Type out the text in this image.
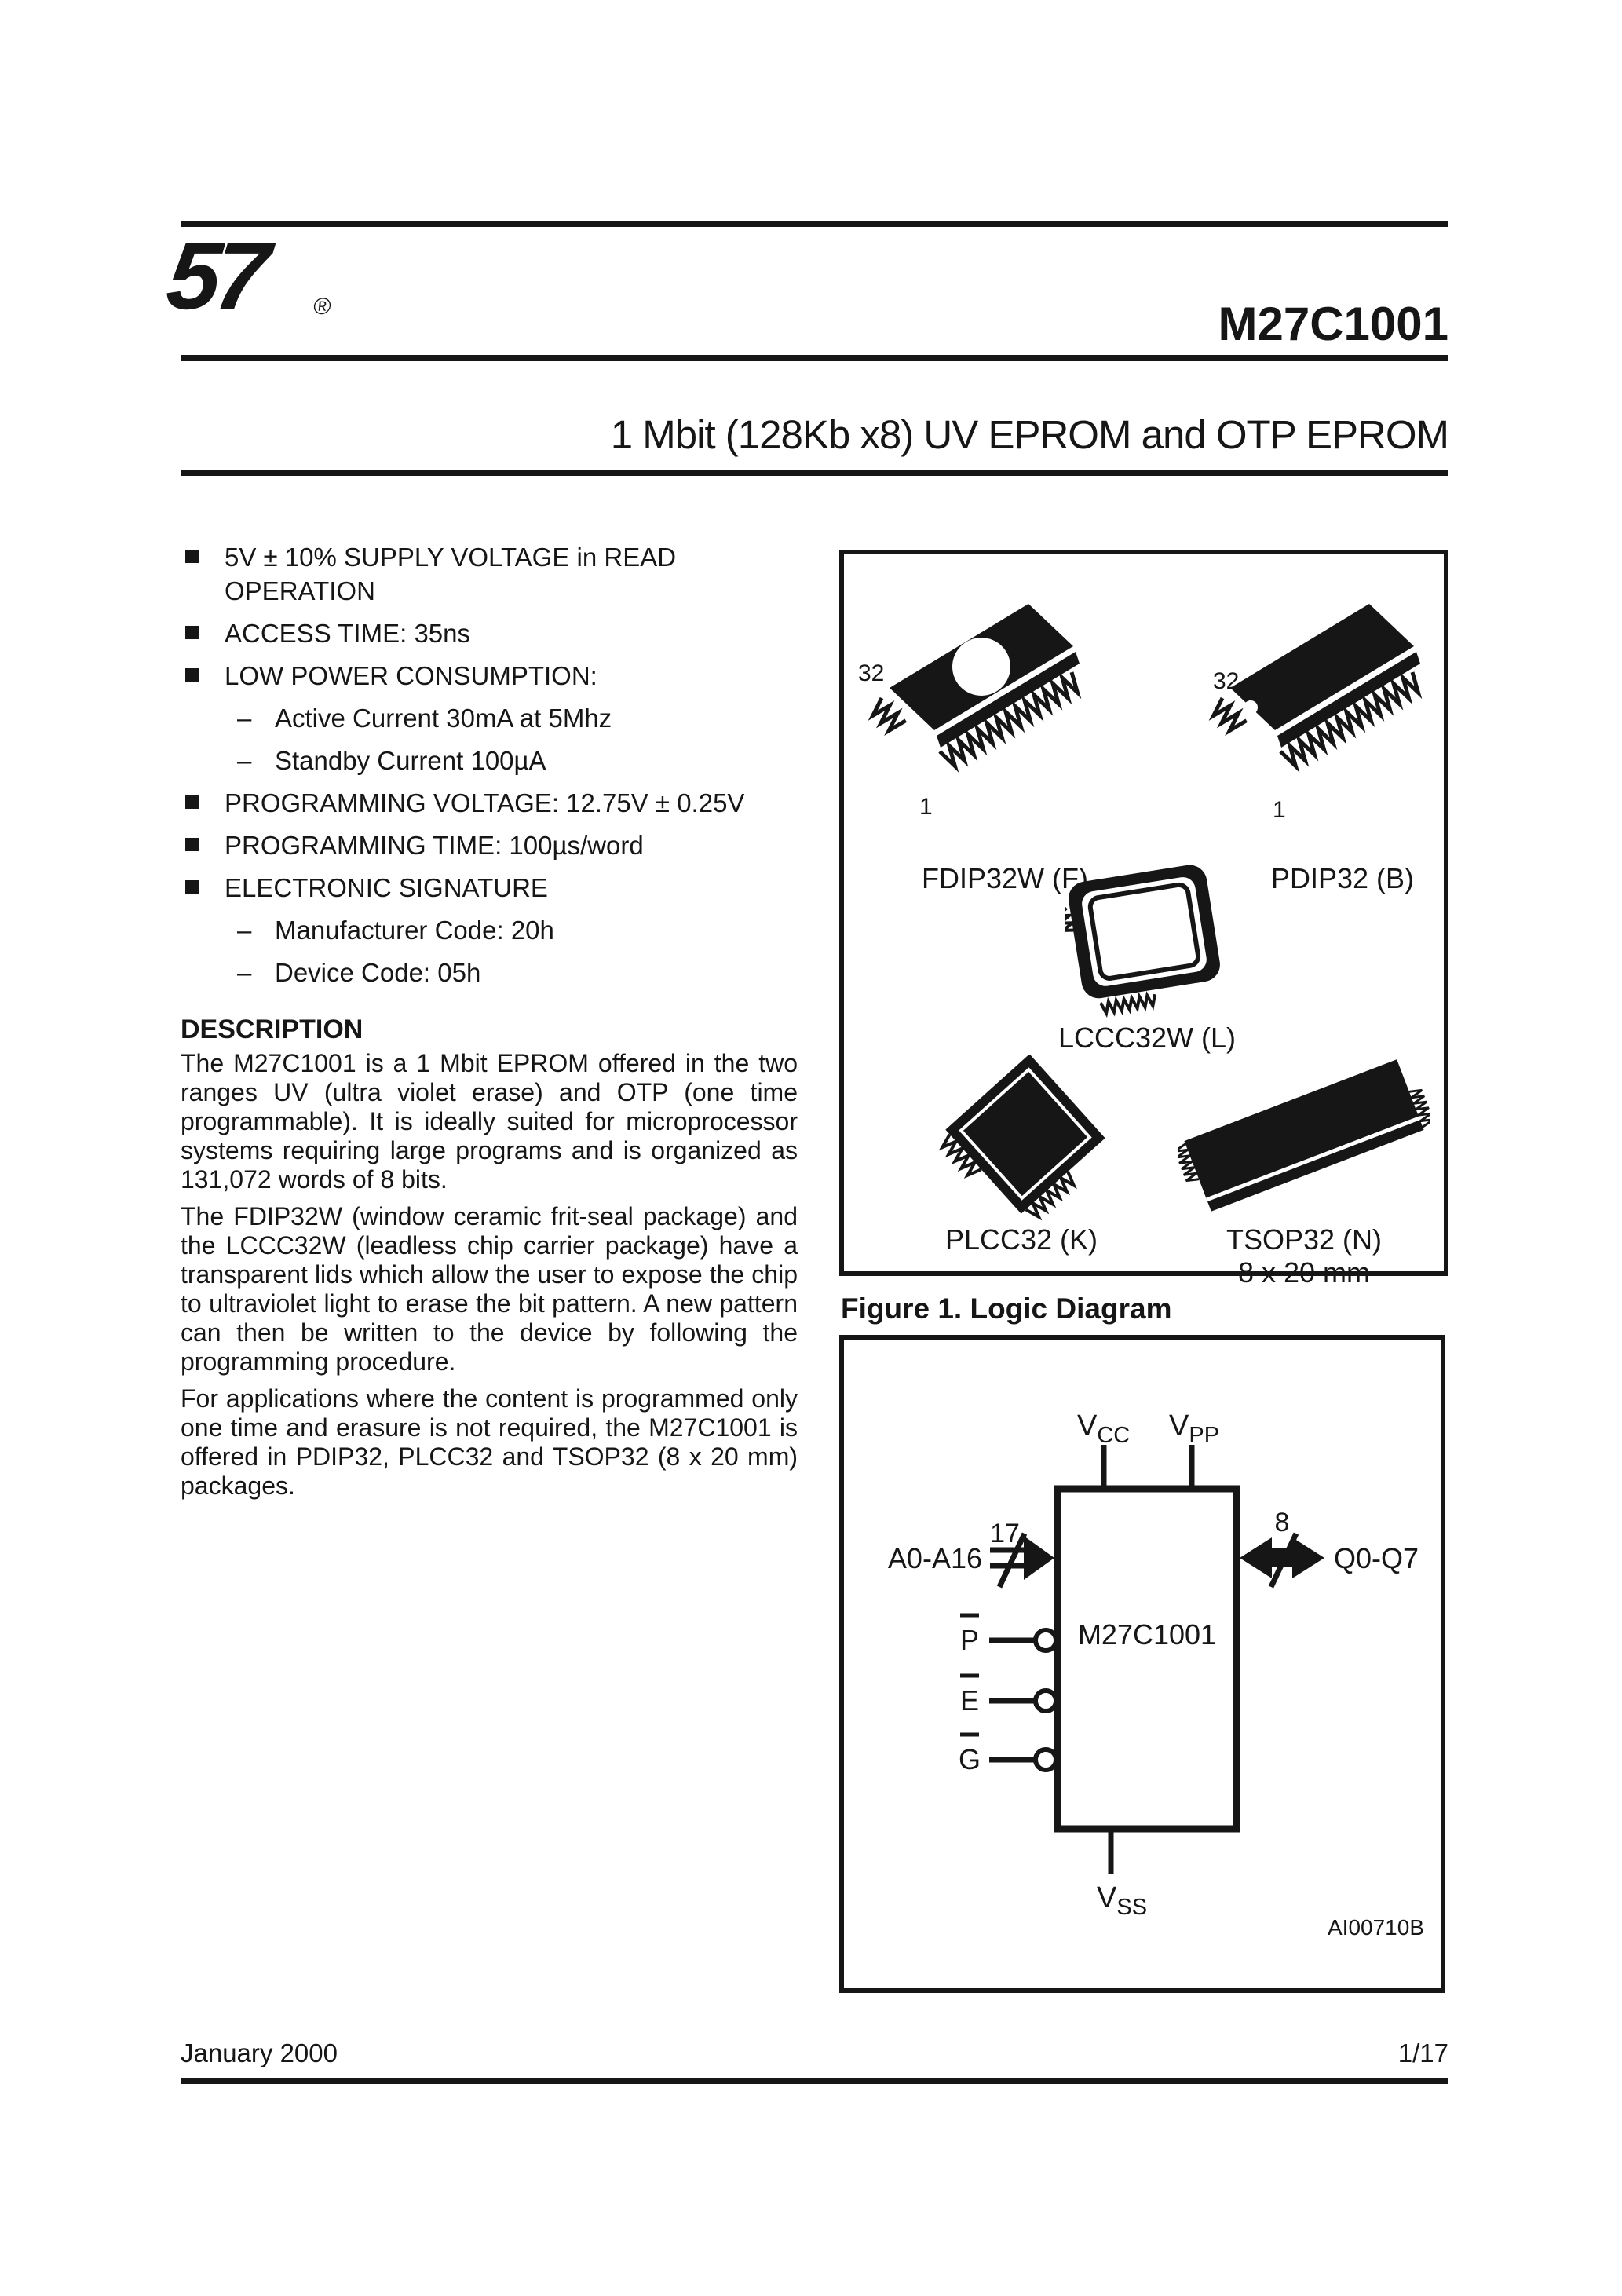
57 ®	M27C1001
1 Mbit (128Kb x8) UV EPROM and OTP EPROM
5V ± 10% SUPPLY VOLTAGE in READ OPERATION
ACCESS TIME: 35ns
LOW POWER CONSUMPTION:
– Active Current 30mA at 5Mhz
– Standby Current 100µA
PROGRAMMING VOLTAGE: 12.75V ± 0.25V
PROGRAMMING TIME: 100µs/word
ELECTRONIC SIGNATURE
– Manufacturer Code: 20h
– Device Code: 05h
DESCRIPTION

The M27C1001 is a 1 Mbit EPROM offered in the two ranges UV (ultra violet erase) and OTP (one time programmable). It is ideally suited for microprocessor systems requiring large programs and is organized as 131,072 words of 8 bits.

The FDIP32W (window ceramic frit-seal package) and the LCCC32W (leadless chip carrier package) have a transparent lids which allow the user to expose the chip to ultraviolet light to erase the bit pattern. A new pattern can then be written to the device by following the programming procedure.

For applications where the content is programmed only one time and erasure is not required, the M27C1001 is offered in PDIP32, PLCC32 and TSOP32 (8 x 20 mm) packages.

32
1
32
1
FDIP32W (F)	PDIP32 (B)
LCCC32W (L)
PLCC32 (K)	TSOP32 (N)
8 x 20 mm
Figure 1. Logic Diagram
$V_{CC}$ $V_{PP}$
M27C1001
A0-A16
17	8
Q0-Q7
P
E
G
$V_{SS}$
AI00710B
January 2000	1/17
